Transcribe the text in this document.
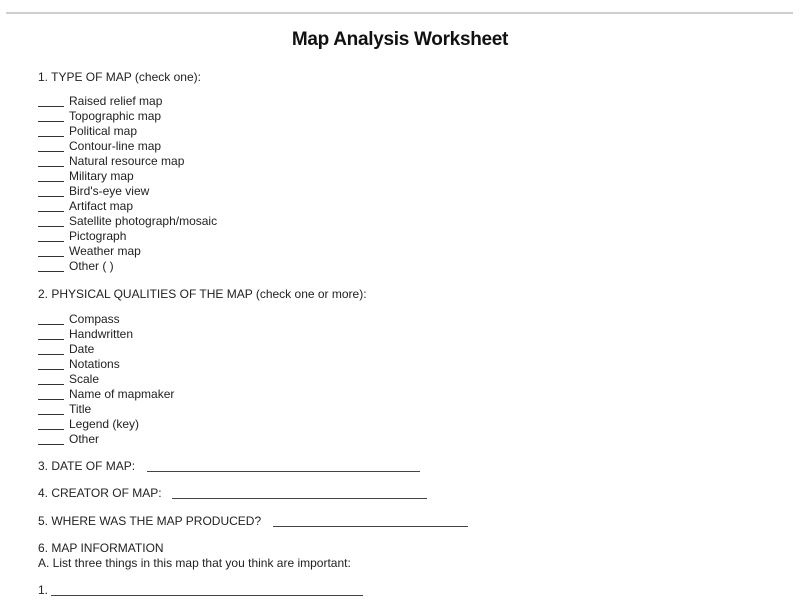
Map Analysis Worksheet
1. TYPE OF MAP (check one):
Raised relief map
Topographic map
Political map
Contour-line map
Natural resource map
Military map
Bird's-eye view
Artifact map
Satellite photograph/mosaic
Pictograph
Weather map
Other ( )
2. PHYSICAL QUALITIES OF THE MAP (check one or more):
Compass
Handwritten
Date
Notations
Scale
Name of mapmaker
Title
Legend (key)
Other
3. DATE OF MAP:
4. CREATOR OF MAP:
5. WHERE WAS THE MAP PRODUCED?
6. MAP INFORMATION
A. List three things in this map that you think are important:
1.
